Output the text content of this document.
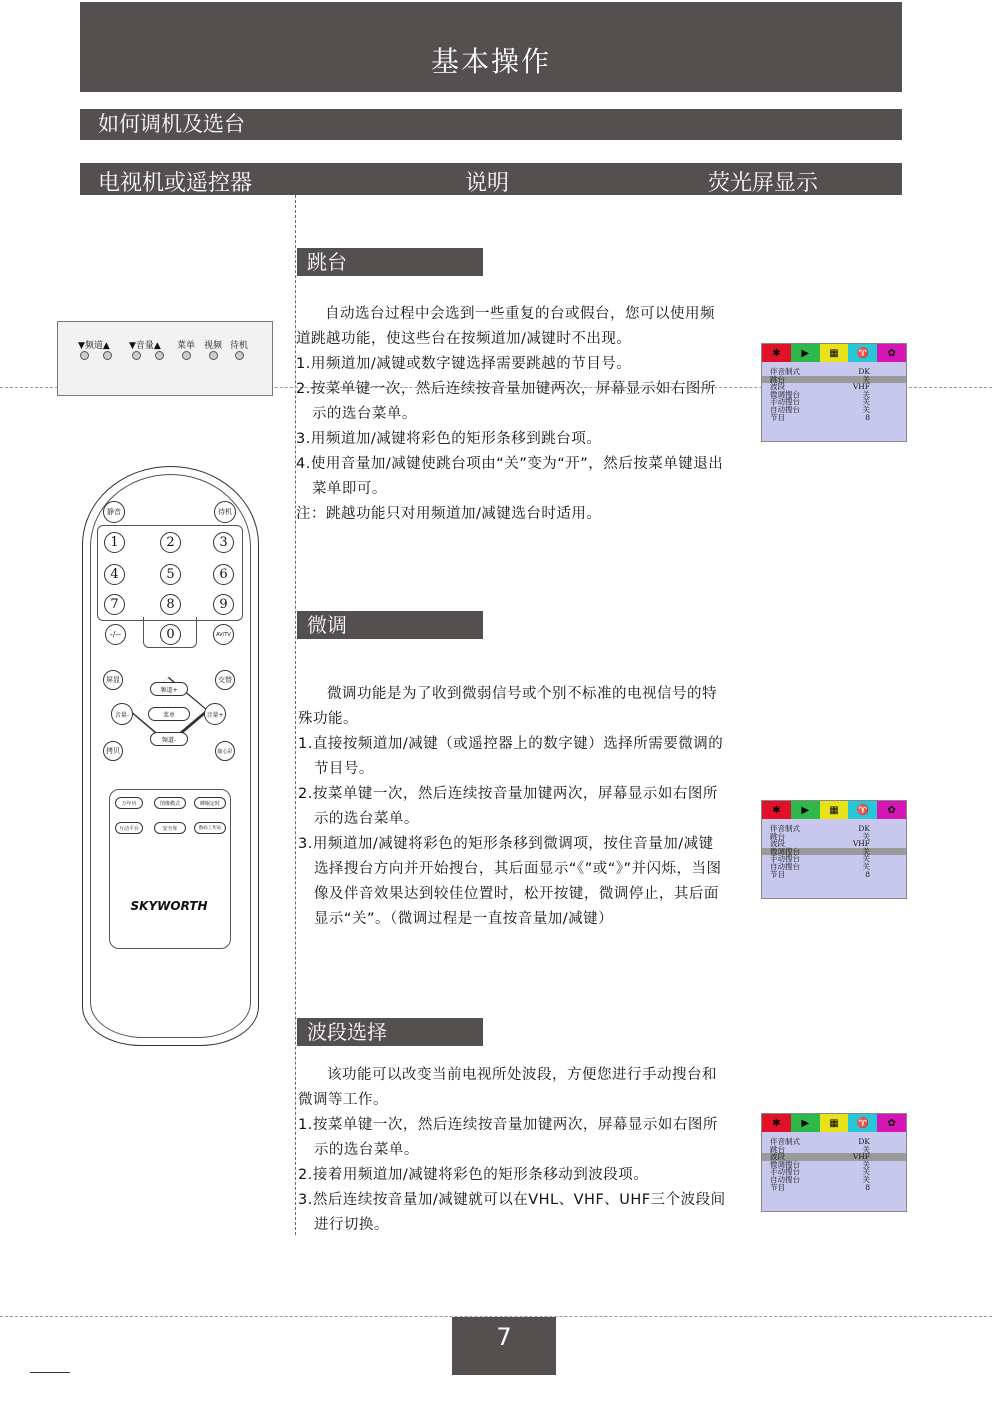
基本操作
如何调机及选台
电视机或遥控器	说明	荧光屏显示
▼频道▲ ▼音量▲ 菜单 视频 待机
静音	待机
1	2	3
4	5	6
7	8	9
-/--	0	AV/TV
屏显	交替
频道+
频道-
音量-	音量+
菜单
拷贝	随心彩
万年历	图像模式	睡眠定时
互动平台	安全库	数码工作站
SKYWORTH
跳台

自动选台过程中会选到一些重复的台或假台，您可以使用频道跳越功能，使这些台在按频道加/减键时不出现。

1.用频道加/减键或数字键选择需要跳越的节目号。

2.按菜单键一次，然后连续按音量加键两次，屏幕显示如右图所示的选台菜单。

3.用频道加/减键将彩色的矩形条移到跳台项。

4.使用音量加/减键使跳台项由“关”变为“开”，然后按菜单键退出菜单即可。

注：跳越功能只对用频道加/减键选台时适用。

微调

微调功能是为了收到微弱信号或个别不标准的电视信号的特殊功能。

1.直接按频道加/减键（或遥控器上的数字键）选择所需要微调的节目号。

2.按菜单键一次，然后连续按音量加键两次，屏幕显示如右图所示的选台菜单。

3.用频道加/减键将彩色的矩形条移到微调项，按住音量加/减键选择搜台方向并开始搜台，其后面显示“《”或“》”并闪烁，当图像及伴音效果达到较佳位置时，松开按键，微调停止，其后面显示“关”。（微调过程是一直按音量加/减键）

波段选择

该功能可以改变当前电视所处波段，方便您进行手动搜台和微调等工作。

1.按菜单键一次，然后连续按音量加键两次，屏幕显示如右图所示的选台菜单。

2.接着用频道加/减键将彩色的矩形条移动到波段项。

3.然后连续按音量加/减键就可以在VHL、VHF、UHF三个波段间进行切换。

✱	▶	▦	♈	✿
伴音制式	DK
跳台	关
波段	VHF
微调搜台	关
手动搜台	关
自动搜台	关
节目	8
✱	▶	▦	♈	✿
伴音制式	DK
跳台	关
波段	VHF
微调搜台	关
手动搜台	关
自动搜台	关
节目	8
✱	▶	▦	♈	✿
伴音制式	DK
跳台	关
波段	VHF
微调搜台	关
手动搜台	关
自动搜台	关
节目	8
7
